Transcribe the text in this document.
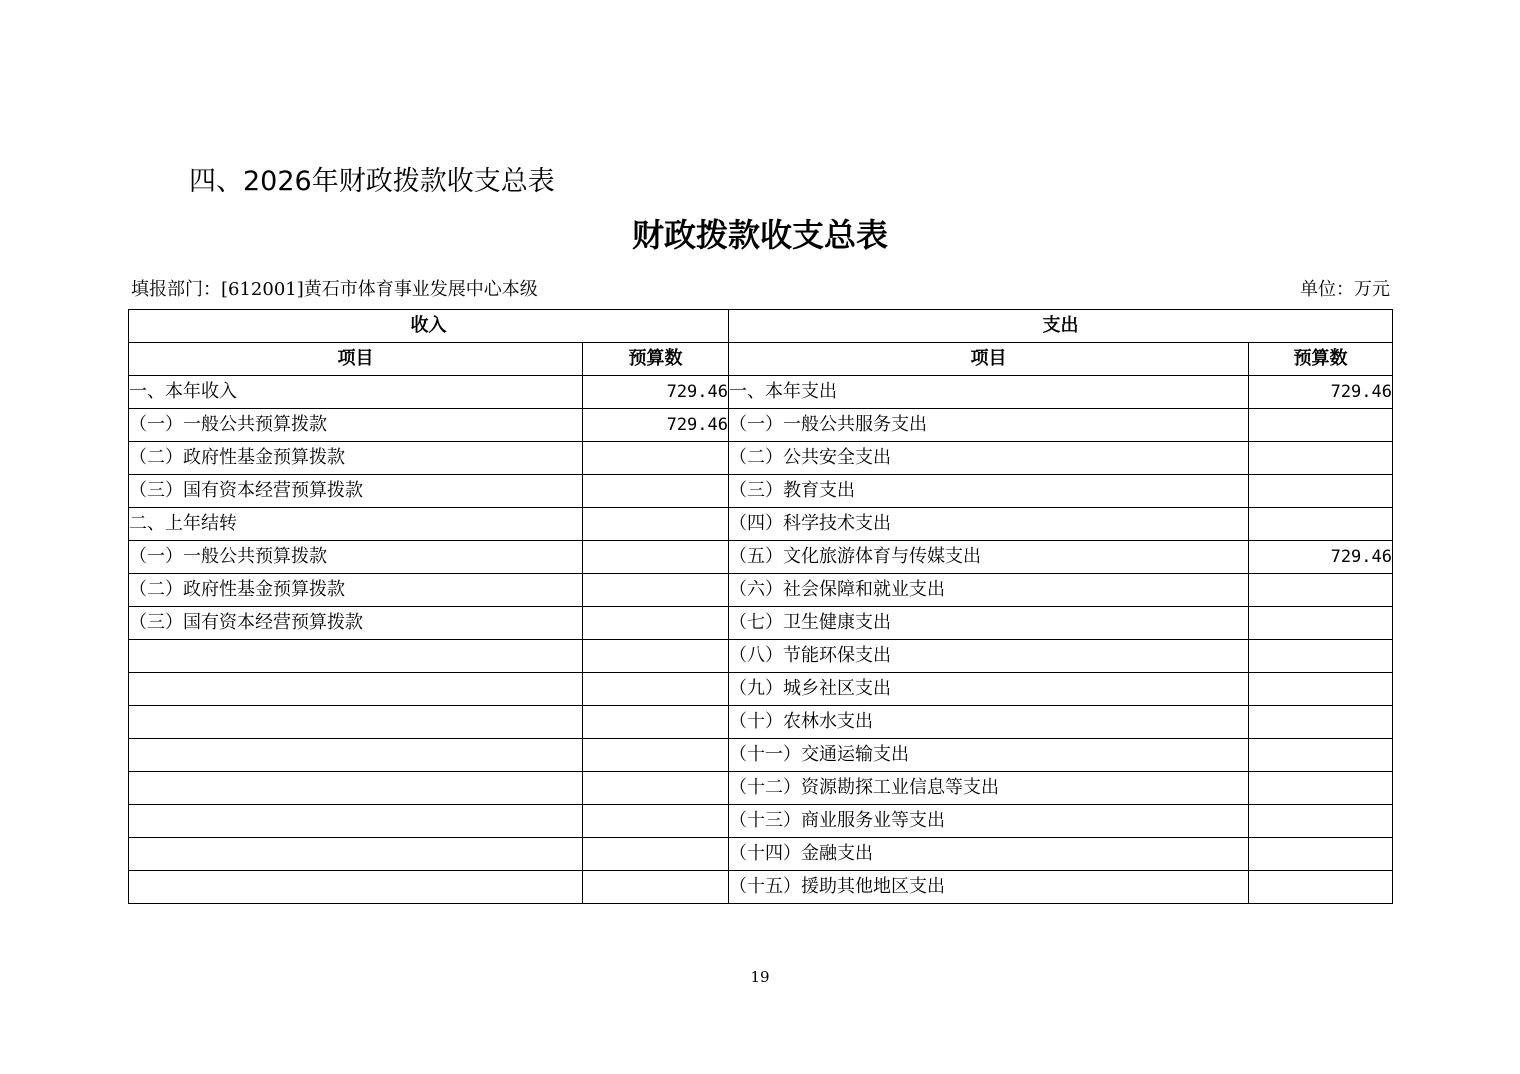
四、2026年财政拨款收支总表
财政拨款收支总表
填报部门：[612001]黄石市体育事业发展中心本级	单位：万元
收入		支出	
项目	预算数	项目	预算数
一、本年收入	729.46	一、本年支出	729.46
（一）一般公共预算拨款	729.46	（一）一般公共服务支出	
（二）政府性基金预算拨款		（二）公共安全支出	
（三）国有资本经营预算拨款		（三）教育支出	
二、上年结转		（四）科学技术支出	
（一）一般公共预算拨款		（五）文化旅游体育与传媒支出	729.46
（二）政府性基金预算拨款		（六）社会保障和就业支出	
（三）国有资本经营预算拨款		（七）卫生健康支出	
		（八）节能环保支出	
		（九）城乡社区支出	
		（十）农林水支出	
		（十一）交通运输支出	
		（十二）资源勘探工业信息等支出	
		（十三）商业服务业等支出	
		（十四）金融支出	
		（十五）援助其他地区支出	
19
